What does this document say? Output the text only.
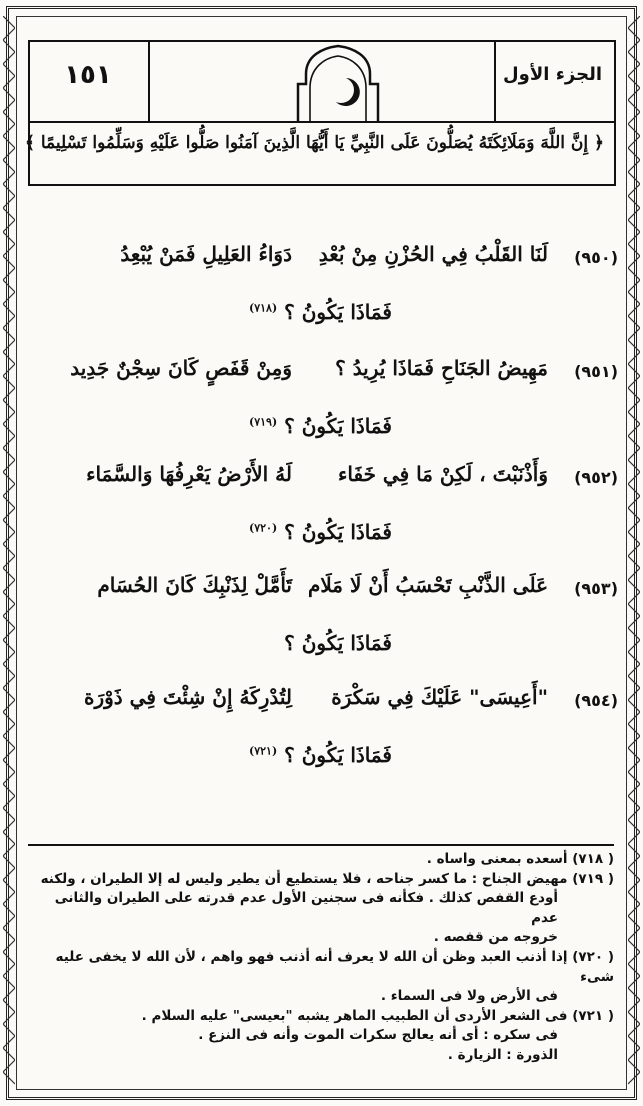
١٥١	الجزء الأول
﴿ إِنَّ اللَّهَ وَمَلَائِكَتَهُ يُصَلُّونَ عَلَى النَّبِيِّ يَا أَيُّهَا الَّذِينَ آمَنُوا صَلُّوا عَلَيْهِ وَسَلِّمُوا تَسْلِيمًا ﴾
(٩٥٠)
لَنَا القَلْبُ فِي الحُزْنِ مِنْ بُعْدِ
دَوَاءُ العَلِيلِ فَمَنْ يُبْعِدُ
فَمَاذَا يَكُونُ ؟ $^{(٧١٨)}$
(٩٥١)
مَهِيضُ الجَنَاحِ فَمَاذَا يُرِيدُ ؟
وَمِنْ قَفَصٍ كَانَ سِجْنٌ جَدِيد
فَمَاذَا يَكُونُ ؟ $^{(٧١٩)}$
(٩٥٢)
وَأَذْنَبْتَ ، لَكِنْ مَا فِي خَفَاء
لَهُ الأَرْضُ يَعْرِفُهَا وَالسَّمَاء
فَمَاذَا يَكُونُ ؟ $^{(٧٢٠)}$
(٩٥٣)
عَلَى الذَّنْبِ تَحْسَبُ أَنْ لَا مَلَام
تَأَمَّلْ لِذَنْبِكَ كَانَ الحُسَام
فَمَاذَا يَكُونُ ؟
(٩٥٤)
"أَعِيسَى" عَلَيْكَ فِي سَكْرَة
لِتُدْرِكَهُ إِنْ شِئْتَ فِي ذَوْرَة
فَمَاذَا يَكُونُ ؟ $^{(٧٢١)}$

( ٧١٨) أسعده بمعنى واساه .

( ٧١٩) مهيض الجناح : ما كسر جناحه ، فلا يستطيع أن يطير وليس له إلا الطيران ، ولكنه

أودع القفص كذلك . فكأنه فى سجنين الأول عدم قدرته على الطيران والثانى عدم

خروجه من قفصه .

( ٧٢٠) إذا أذنب العبد وظن أن الله لا يعرف أنه أذنب فهو واهم ، لأن الله لا يخفى عليه شىء

فى الأرض ولا فى السماء .

( ٧٢١) فى الشعر الأردى أن الطبيب الماهر يشبه "بعيسى" عليه السلام .

فى سكره : أى أنه يعالج سكرات الموت وأنه فى النزع .

الذورة : الزيارة .
